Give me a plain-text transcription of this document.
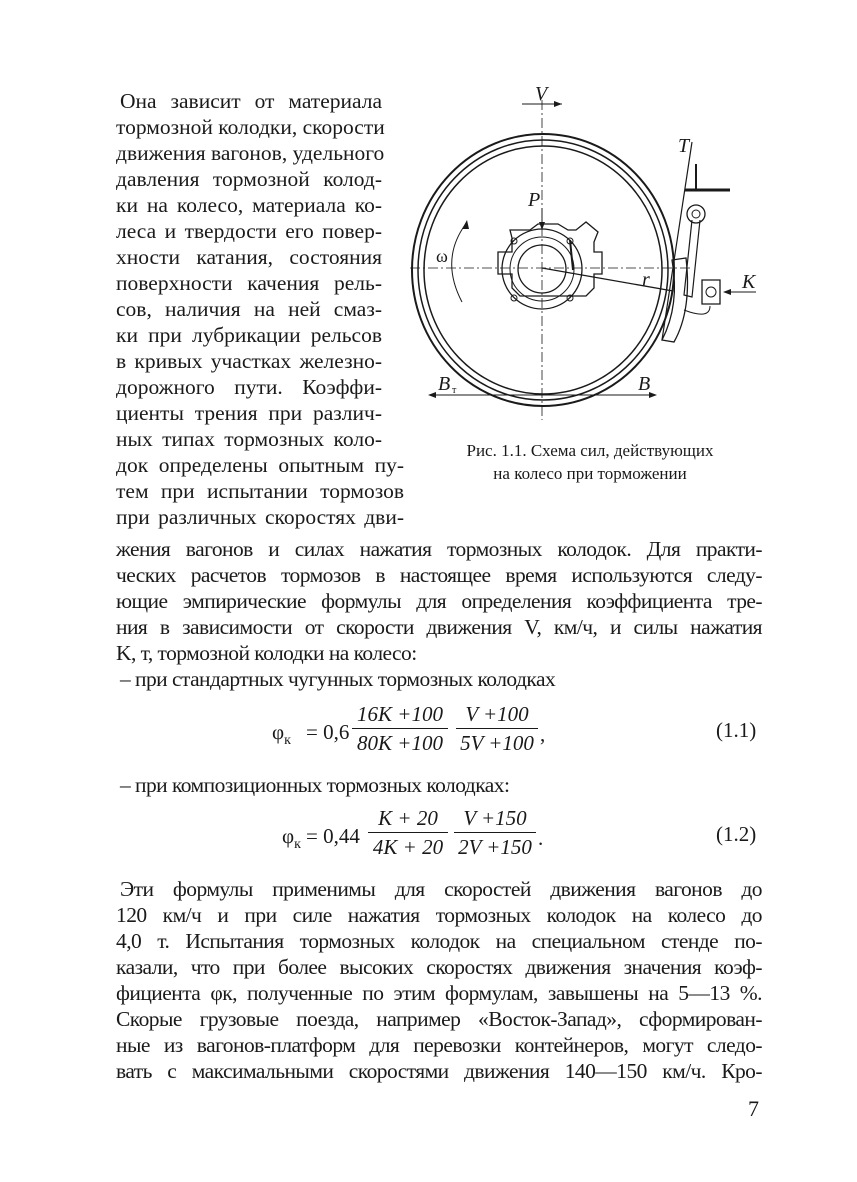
Она зависит от материала
тормозной колодки, скорости
движения вагонов, удельного
давления тормозной колод-
ки на колесо, материала ко-
леса и твердости его повер-
хности катания, состояния
поверхности качения рель-
сов, наличия на ней смаз-
ки при лубрикации рельсов
в кривых участках железно-
дорожного пути. Коэффи-
циенты трения при различ-
ных типах тормозных коло-
док определены опытным пу-
тем при испытании тормозов
при различных скоростях дви-
V
T
P
r	K
B	B
ω
т
Рис. 1.1. Схема сил, действующих
на колесо при торможении
жения вагонов и силах нажатия тормозных колодок. Для практи-
ческих расчетов тормозов в настоящее время используются следу-
ющие эмпирические формулы для определения коэффициента тре-
ния в зависимости от скорости движения V, км/ч, и силы нажатия
K, т, тормозной колодки на колесо:
– при стандартных чугунных тормозных колодках
$\varphi_к = 0,6$
16K +100
80K +100
V +100
5V +100 ,	(1.1)
– при композиционных тормозных колодках:
$\varphi_к = 0,44$
K + 20
4K + 20
V +150
2V +150 .	(1.2)
Эти формулы применимы для скоростей движения вагонов до
120 км/ч и при силе нажатия тормозных колодок на колесо до
4,0 т. Испытания тормозных колодок на специальном стенде по-
казали, что при более высоких скоростях движения значения коэф-
фициента φк, полученные по этим формулам, завышены на 5—13 %.
Скорые грузовые поезда, например «Восток-Запад», сформирован-
ные из вагонов-платформ для перевозки контейнеров, могут следо-
вать с максимальными скоростями движения 140—150 км/ч. Кро-
7
